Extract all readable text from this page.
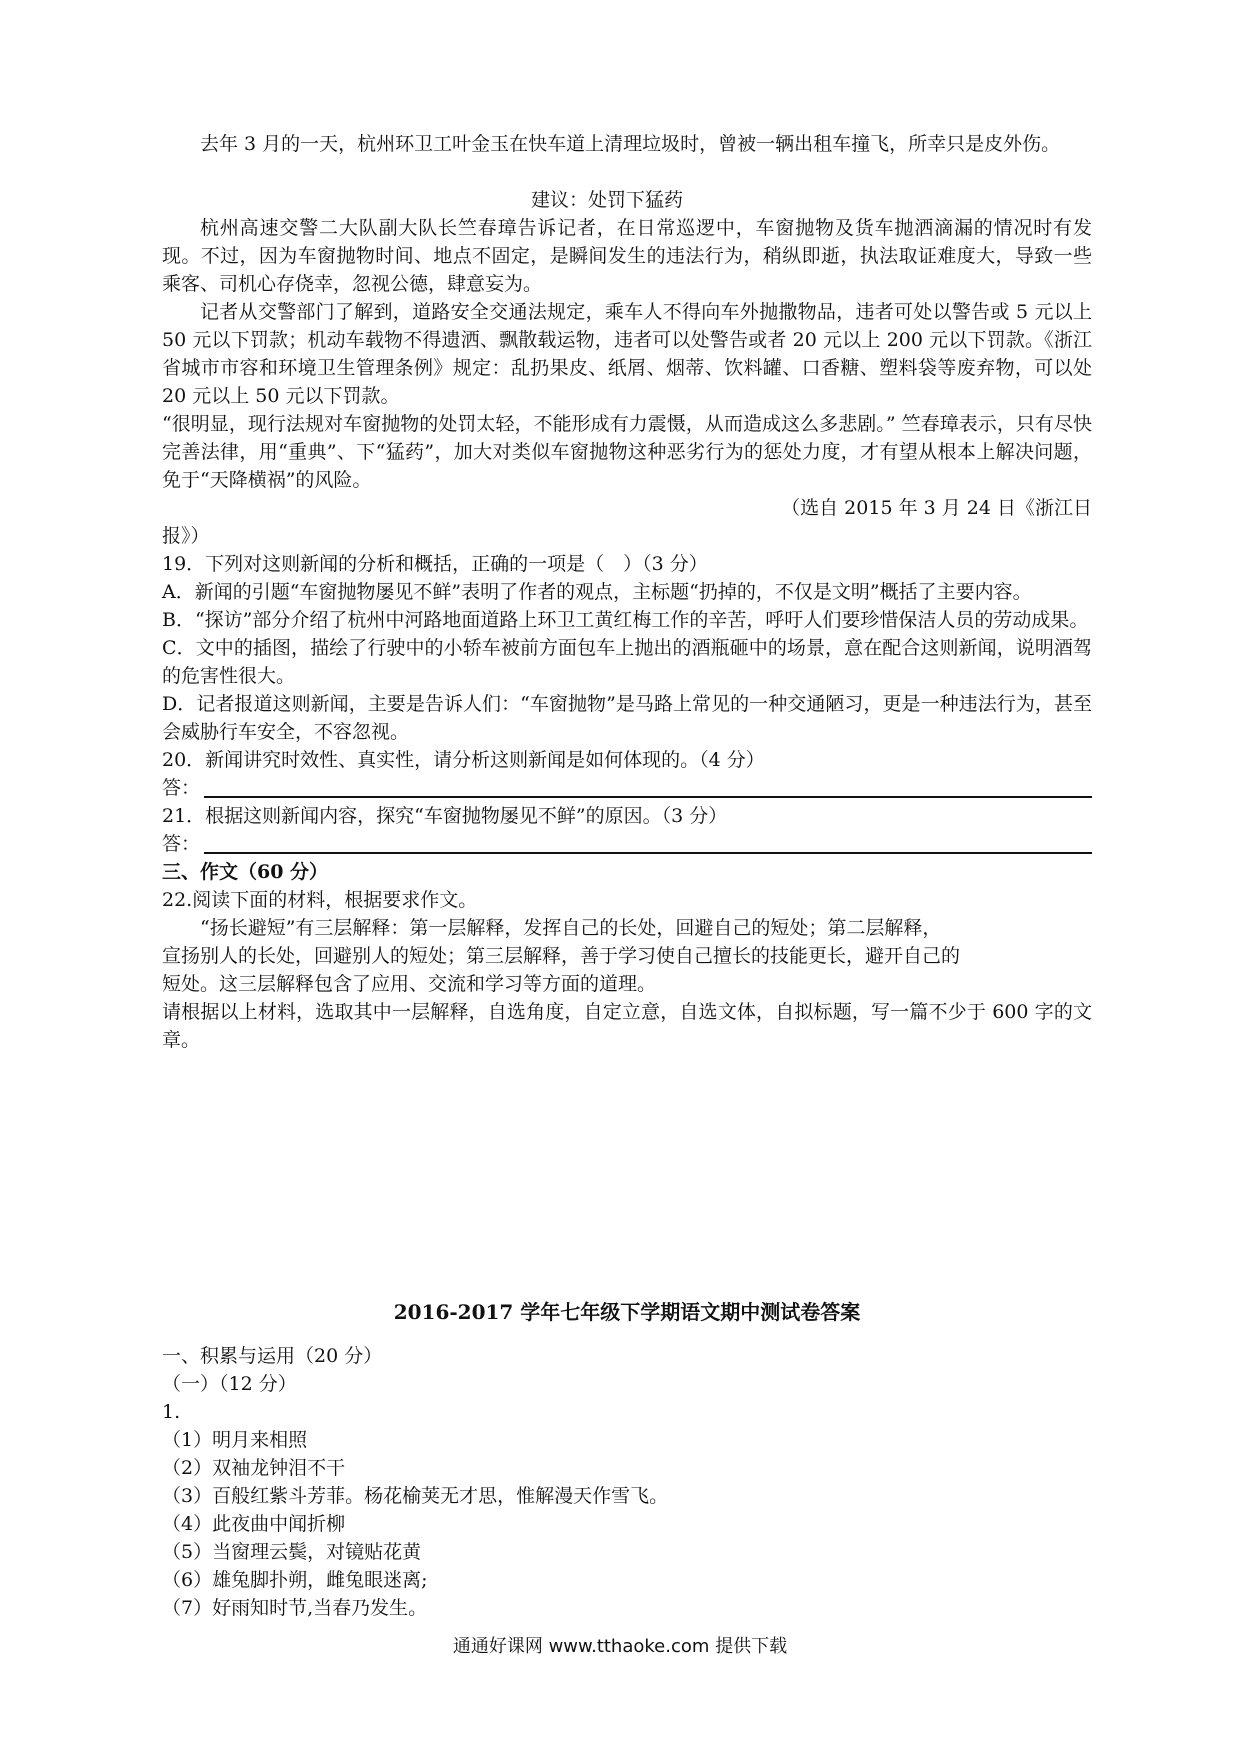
去年 3 月的一天，杭州环卫工叶金玉在快车道上清理垃圾时，曾被一辆出租车撞飞，所幸只是皮外伤。

建议：处罚下猛药

杭州高速交警二大队副大队长竺春璋告诉记者，在日常巡逻中，车窗抛物及货车抛洒滴漏的情况时有发现。不过，因为车窗抛物时间、地点不固定，是瞬间发生的违法行为，稍纵即逝，执法取证难度大，导致一些乘客、司机心存侥幸，忽视公德，肆意妄为。

记者从交警部门了解到，道路安全交通法规定，乘车人不得向车外抛撒物品，违者可处以警告或 5 元以上 50 元以下罚款；机动车载物不得遗洒、飘散载运物，违者可以处警告或者 20 元以上 200 元以下罚款。《浙江省城市市容和环境卫生管理条例》规定：乱扔果皮、纸屑、烟蒂、饮料罐、口香糖、塑料袋等废弃物，可以处 20 元以上 50 元以下罚款。

“很明显，现行法规对车窗抛物的处罚太轻，不能形成有力震慑，从而造成这么多悲剧。” 竺春璋表示，只有尽快完善法律，用“重典”、下“猛药”，加大对类似车窗抛物这种恶劣行为的惩处力度，才有望从根本上解决问题，免于“天降横祸”的风险。

（选自 2015 年 3 月 24 日《浙江日

报》）

19．下列对这则新闻的分析和概括，正确的一项是（　）（3 分）

A．新闻的引题“车窗抛物屡见不鲜”表明了作者的观点，主标题“扔掉的，不仅是文明”概括了主要内容。

B．“探访”部分介绍了杭州中河路地面道路上环卫工黄红梅工作的辛苦，呼吁人们要珍惜保洁人员的劳动成果。

C．文中的插图，描绘了行驶中的小轿车被前方面包车上抛出的酒瓶砸中的场景，意在配合这则新闻，说明酒驾的危害性很大。

D．记者报道这则新闻，主要是告诉人们：“车窗抛物”是马路上常见的一种交通陋习，更是一种违法行为，甚至会威胁行车安全，不容忽视。

20．新闻讲究时效性、真实性，请分析这则新闻是如何体现的。（4 分）

答：

21．根据这则新闻内容，探究“车窗抛物屡见不鲜”的原因。（3 分）

答：

三、作文（60 分）

22.阅读下面的材料，根据要求作文。

“扬长避短”有三层解释：第一层解释，发挥自己的长处，回避自己的短处；第二层解释，

宣扬别人的长处，回避别人的短处；第三层解释，善于学习使自己擅长的技能更长，避开自己的

短处。这三层解释包含了应用、交流和学习等方面的道理。

请根据以上材料，选取其中一层解释，自选角度，自定立意，自选文体，自拟标题，写一篇不少于 600 字的文章。

2016-2017 学年七年级下学期语文期中测试卷答案
一、积累与运用（20 分）
（一）（12 分）
1.
（1）明月来相照
（2）双袖龙钟泪不干
（3）百般红紫斗芳菲。杨花榆荚无才思，惟解漫天作雪飞。
（4）此夜曲中闻折柳
（5）当窗理云鬓，对镜贴花黄
（6）雄兔脚扑朔，雌兔眼迷离;
（7）好雨知时节,当春乃发生。
通通好课网 www.tthaoke.com 提供下载
